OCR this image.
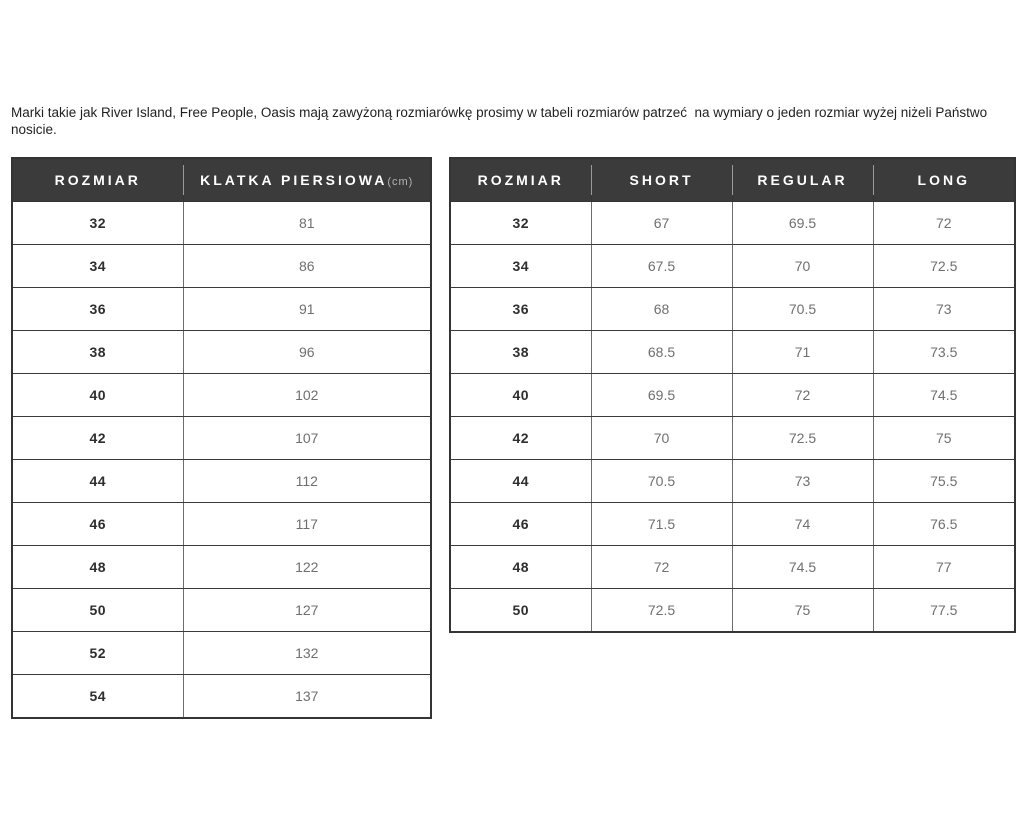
Marki takie jak River Island, Free People, Oasis mają zawyżoną rozmiarówkę prosimy w tabeli rozmiarów patrzeć  na wymiary o jeden rozmiar wyżej niżeli Państwo nosicie.

ROZMIAR	KLATKA PIERSIOWA(cm)
32	81
34	86
36	91
38	96
40	102
42	107
44	112
46	117
48	122
50	127
52	132
54	137
ROZMIAR	SHORT	REGULAR	LONG
32	67	69.5	72
34	67.5	70	72.5
36	68	70.5	73
38	68.5	71	73.5
40	69.5	72	74.5
42	70	72.5	75
44	70.5	73	75.5
46	71.5	74	76.5
48	72	74.5	77
50	72.5	75	77.5
